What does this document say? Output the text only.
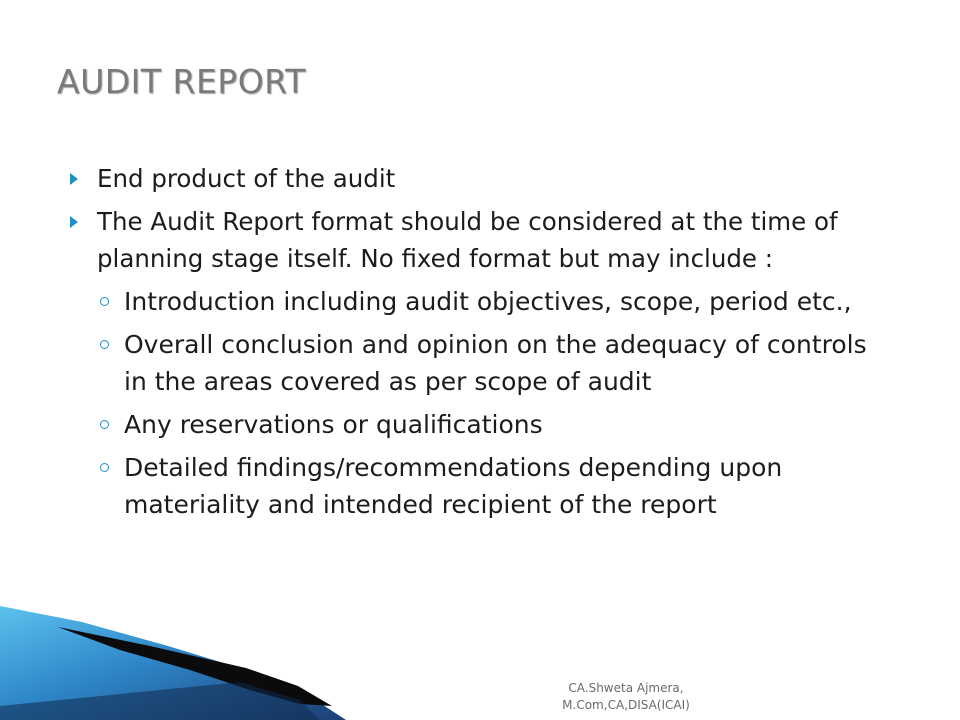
AUDIT REPORT
End product of the audit
The Audit Report format should be considered at the time of planning stage itself. No fixed format but may include :
Introduction including audit objectives, scope, period etc.,
Overall conclusion and opinion on the adequacy of controls in the areas covered as per scope of audit
Any reservations or qualifications
Detailed findings/recommendations depending upon materiality and intended recipient of the report
CA.Shweta Ajmera,
M.Com,CA,DISA(ICAI)
